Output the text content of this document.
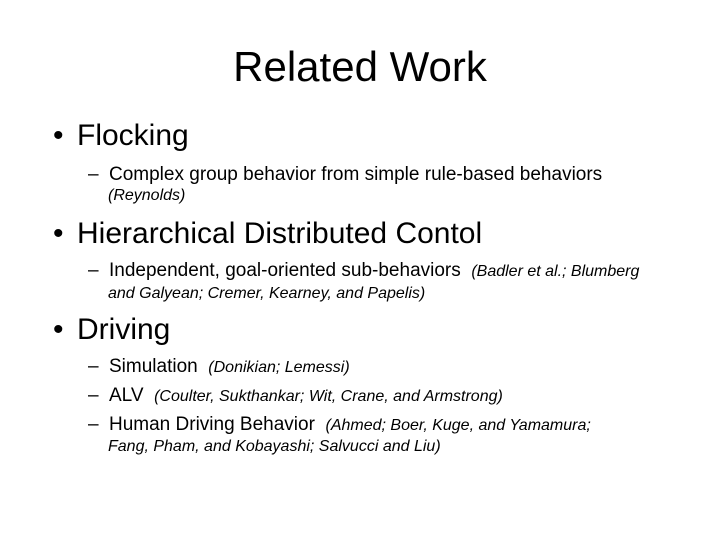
Related Work
• Flocking
– Complex group behavior from simple rule-based behaviors
(Reynolds)
• Hierarchical Distributed Contol
– Independent, goal-oriented sub-behaviors (Badler et al.; Blumberg
and Galyean; Cremer, Kearney, and Papelis)
• Driving
– Simulation (Donikian; Lemessi)
– ALV (Coulter, Sukthankar; Wit, Crane, and Armstrong)
– Human Driving Behavior (Ahmed; Boer, Kuge, and Yamamura;
Fang, Pham, and Kobayashi; Salvucci and Liu)
